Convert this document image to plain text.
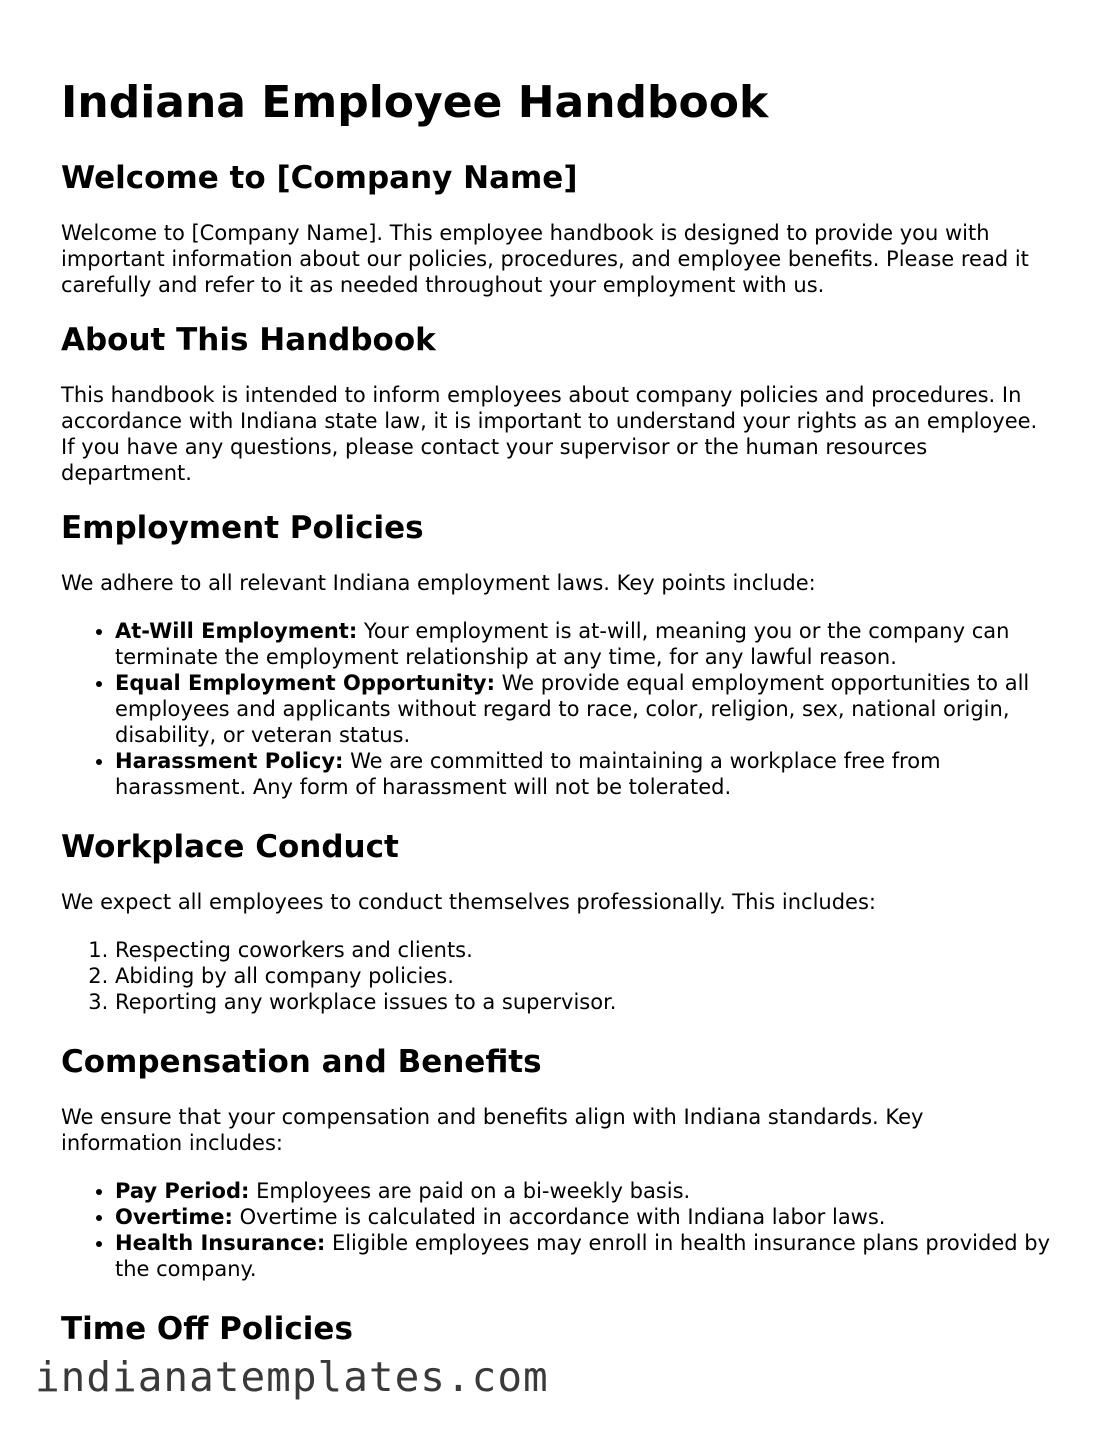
Indiana Employee Handbook
Welcome to [Company Name]

Welcome to [Company Name]. This employee handbook is designed to provide you with important information about our policies, procedures, and employee benefits. Please read it carefully and refer to it as needed throughout your employment with us.

About This Handbook

This handbook is intended to inform employees about company policies and procedures. In accordance with Indiana state law, it is important to understand your rights as an employee. If you have any questions, please contact your supervisor or the human resources department.

Employment Policies

We adhere to all relevant Indiana employment laws. Key points include:

• At-Will Employment: Your employment is at-will, meaning you or the company can terminate the employment relationship at any time, for any lawful reason.
• Equal Employment Opportunity: We provide equal employment opportunities to all employees and applicants without regard to race, color, religion, sex, national origin, disability, or veteran status.
• Harassment Policy: We are committed to maintaining a workplace free from harassment. Any form of harassment will not be tolerated.
Workplace Conduct

We expect all employees to conduct themselves professionally. This includes:

1. Respecting coworkers and clients.
2. Abiding by all company policies.
3. Reporting any workplace issues to a supervisor.
Compensation and Benefits

We ensure that your compensation and benefits align with Indiana standards. Key information includes:

• Pay Period: Employees are paid on a bi-weekly basis.
• Overtime: Overtime is calculated in accordance with Indiana labor laws.
• Health Insurance: Eligible employees may enroll in health insurance plans provided by the company.
Time Off Policies
indianatemplates.com
